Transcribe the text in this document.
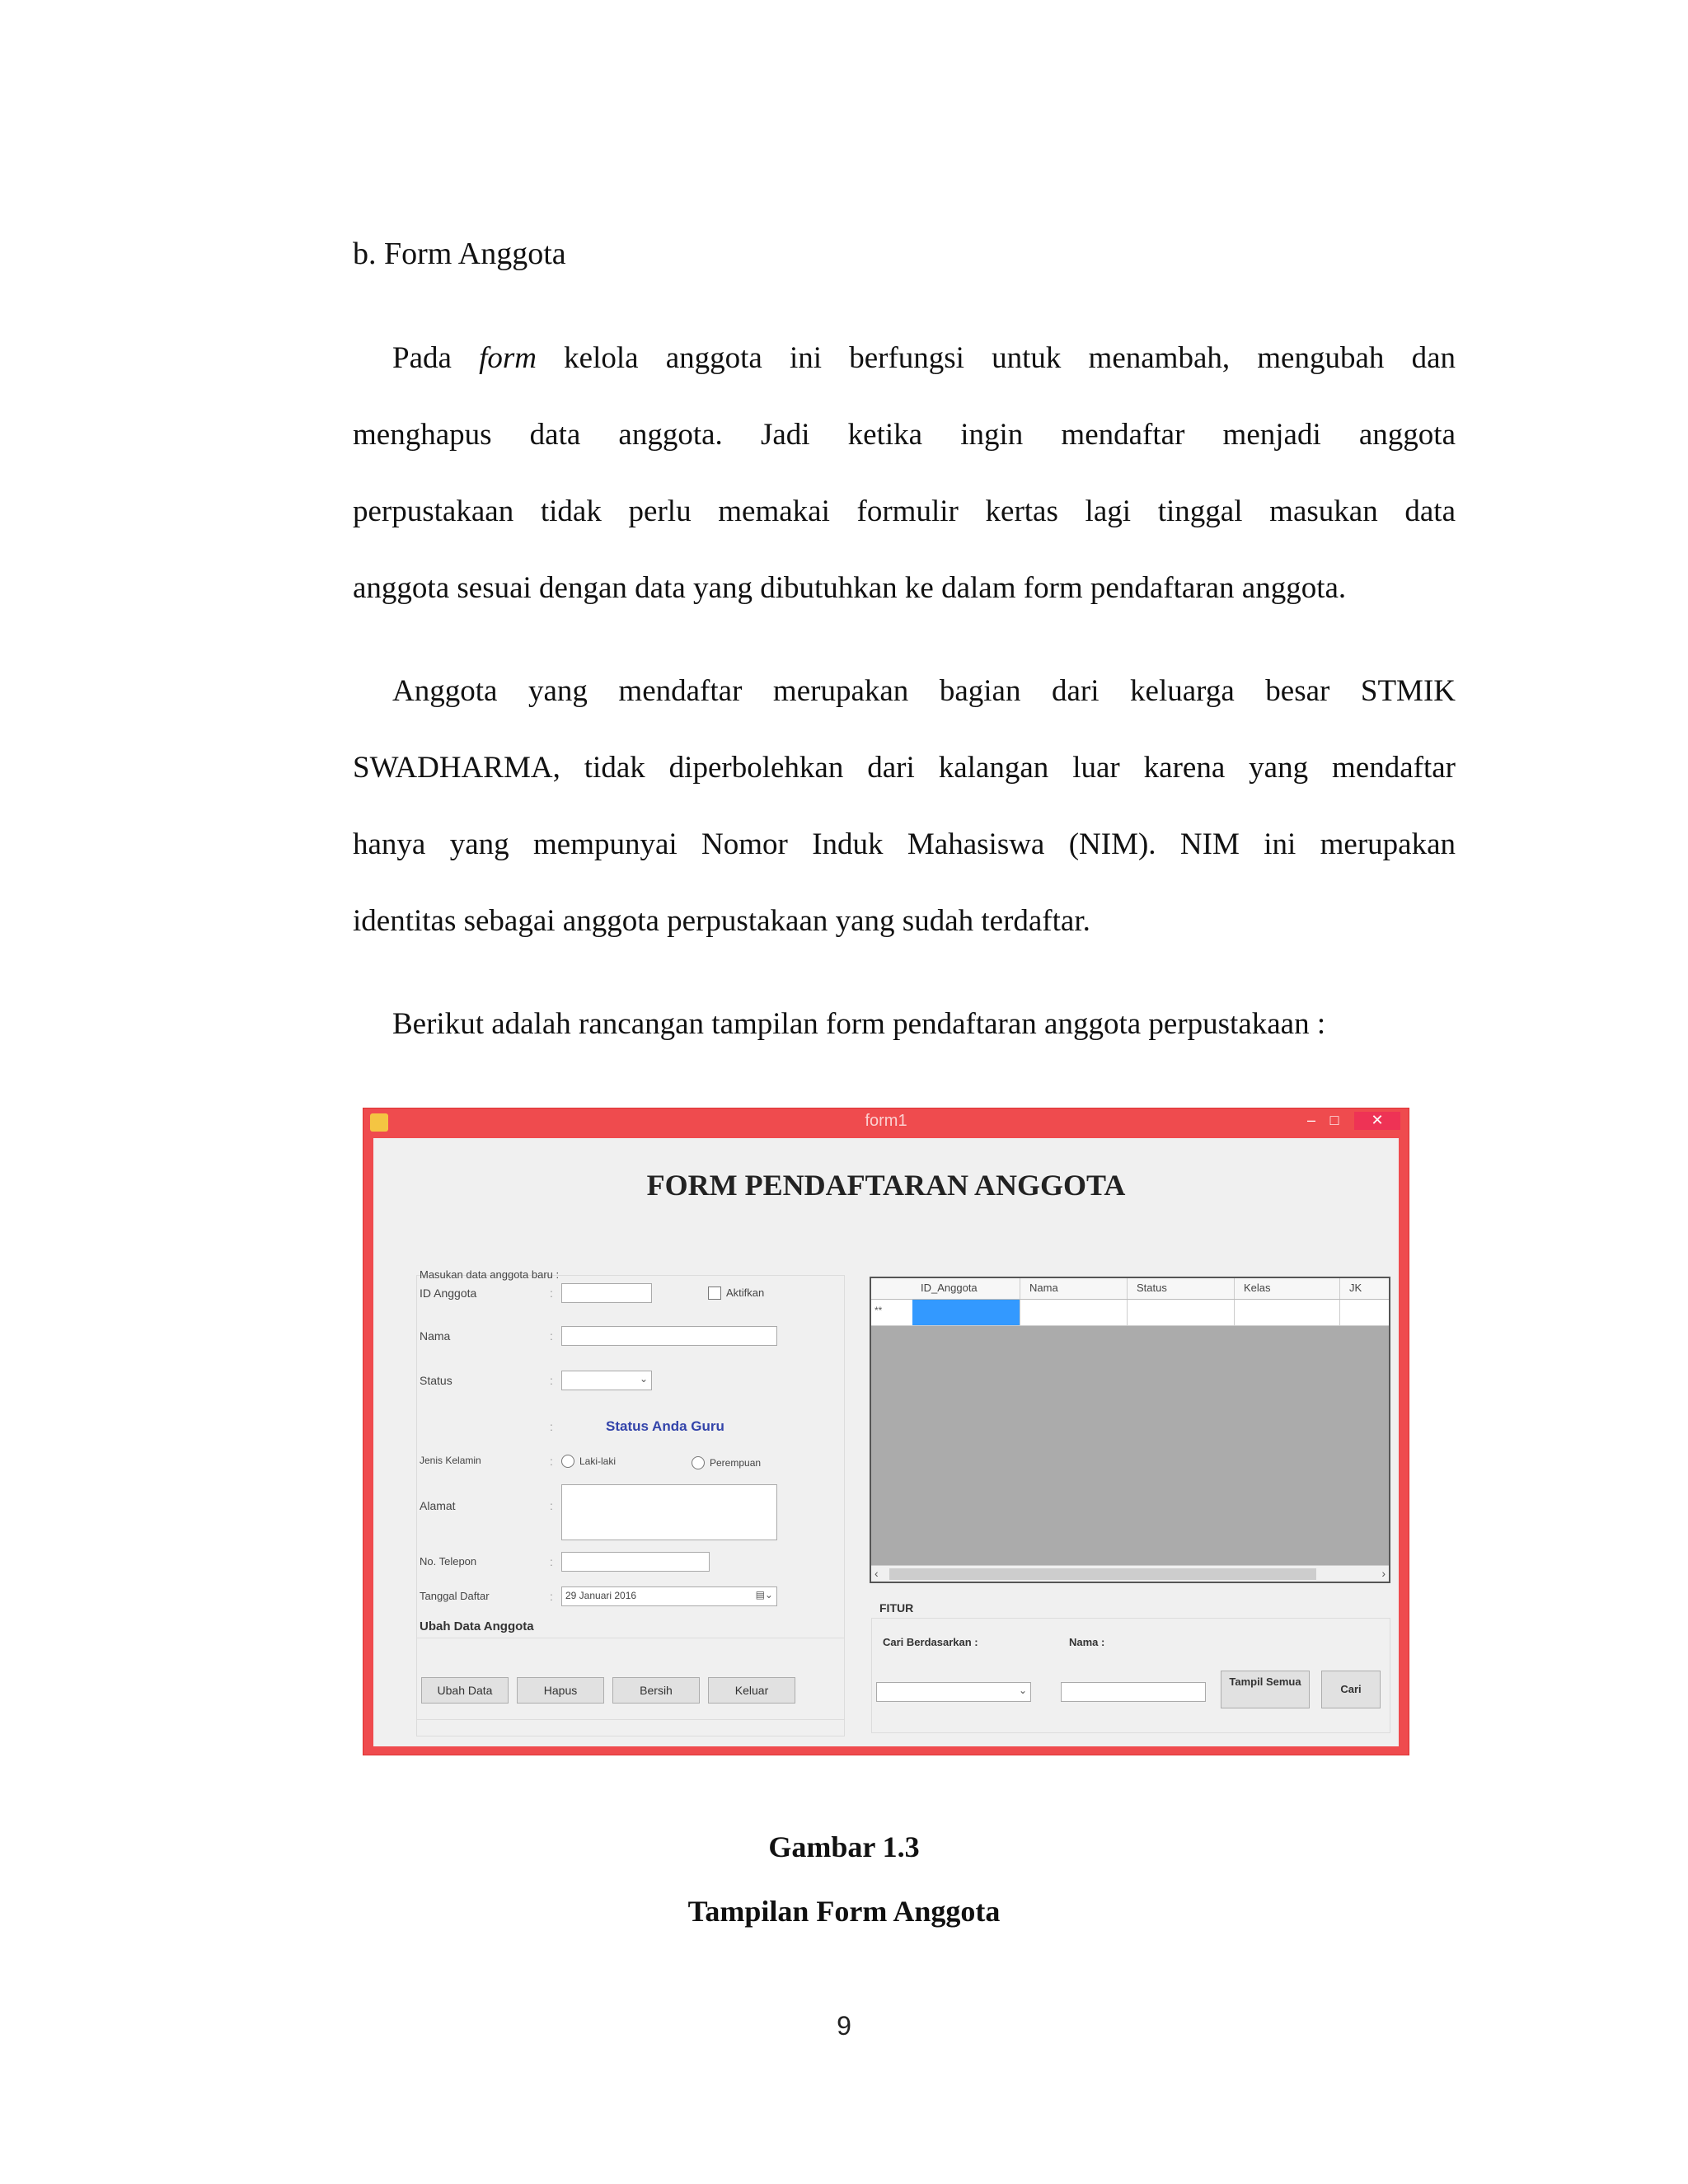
b. Form Anggota
Pada form kelola anggota ini berfungsi untuk menambah, mengubah dan
menghapus data anggota. Jadi ketika ingin mendaftar menjadi anggota
perpustakaan tidak perlu memakai formulir kertas lagi tinggal masukan data
anggota sesuai dengan data yang dibutuhkan ke dalam form pendaftaran anggota.
Anggota yang mendaftar merupakan bagian dari keluarga besar STMIK
SWADHARMA, tidak diperbolehkan dari kalangan luar karena yang mendaftar
hanya yang mempunyai Nomor Induk Mahasiswa (NIM). NIM ini merupakan
identitas sebagai anggota perpustakaan yang sudah terdaftar.
Berikut adalah rancangan tampilan form pendaftaran anggota perpustakaan :
form1	– □	✕
FORM PENDAFTARAN ANGGOTA
Masukan data anggota baru :
ID Anggota	:	Aktifkan
Nama	:
Status	:	⌄
:	Status Anda Guru
Jenis Kelamin	:	Laki-laki	Perempuan
Alamat	:
No. Telepon	:
Tanggal Daftar	:	29 Januari 2016	▤⌄
Ubah Data Anggota
Ubah Data	Hapus	Bersih	Keluar
ID_Anggota	Nama	Status	Kelas	JK
**
‹	›
FITUR
Cari Berdasarkan :	Nama :
⌄
Tampil Semua
Cari
Gambar 1.3
Tampilan Form Anggota
9
